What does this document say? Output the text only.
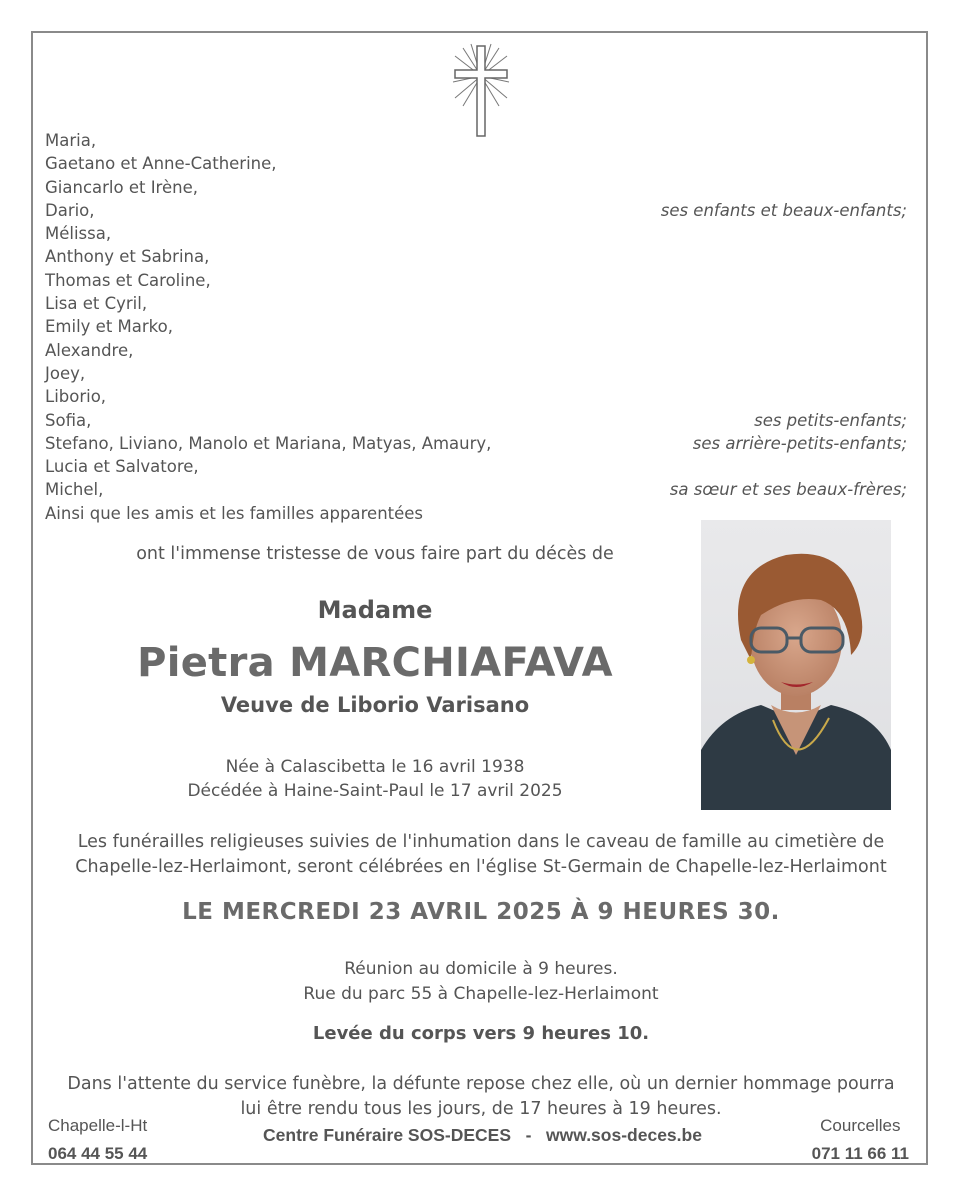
Maria,
Gaetano et Anne-Catherine,
Giancarlo et Irène,
Dario,	ses enfants et beaux-enfants;
Mélissa,
Anthony et Sabrina,
Thomas et Caroline,
Lisa et Cyril,
Emily et Marko,
Alexandre,
Joey,
Liborio,
Sofia,	ses petits-enfants;
Stefano, Liviano, Manolo et Mariana, Matyas, Amaury,	ses arrière-petits-enfants;
Lucia et Salvatore,
Michel,	sa sœur et ses beaux-frères;
Ainsi que les amis et les familles apparentées
ont l'immense tristesse de vous faire part du décès de
Madame
Pietra MARCHIAFAVA
Veuve de Liborio Varisano
Née à Calascibetta le 16 avril 1938
Décédée à Haine-Saint-Paul le 17 avril 2025
Les funérailles religieuses suivies de l'inhumation dans le caveau de famille au cimetière de
Chapelle-lez-Herlaimont, seront célébrées en l'église St-Germain de Chapelle-lez-Herlaimont
LE MERCREDI 23 AVRIL 2025 À 9 HEURES 30.
Réunion au domicile à 9 heures.
Rue du parc 55 à Chapelle-lez-Herlaimont
Levée du corps vers 9 heures 10.
Dans l'attente du service funèbre, la défunte repose chez elle, où un dernier hommage pourra
lui être rendu tous les jours, de 17 heures à 19 heures.
Chapelle-l-Ht
064 44 55 44
Centre Funéraire SOS-DECES   -   www.sos-deces.be	Courcelles
071 11 66 11
